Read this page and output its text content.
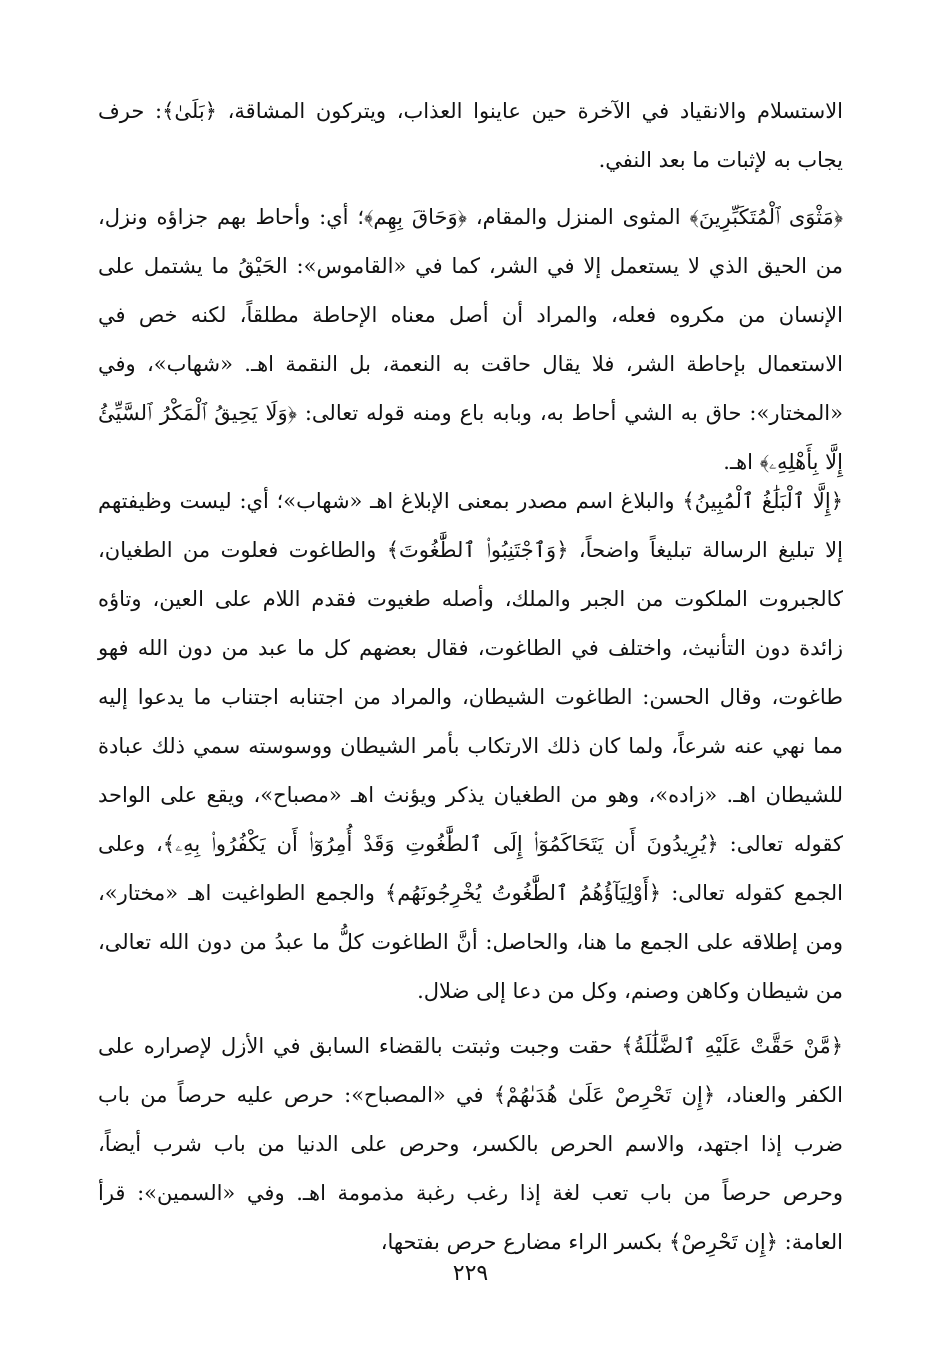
الاستسلام والانقياد في الآخرة حين عاينوا العذاب، ويتركون المشاقة، ﴿بَلَىٰ﴾: حرف يجاب به لإثبات ما بعد النفي.

﴿مَثْوَى ٱلْمُتَكَبِّرِينَ﴾ المثوى المنزل والمقام، ﴿وَحَاقَ بِهِم﴾؛ أي: وأحاط بهم جزاؤه ونزل، من الحيق الذي لا يستعمل إلا في الشر، كما في «القاموس»: الحَيْقُ ما يشتمل على الإنسان من مكروه فعله، والمراد أن أصل معناه الإحاطة مطلقاً، لكنه خص في الاستعمال بإحاطة الشر، فلا يقال حاقت به النعمة، بل النقمة اهـ. «شهاب»، وفي «المختار»: حاق به الشي أحاط به، وبابه باع ومنه قوله تعالى: ﴿وَلَا يَحِيقُ ٱلْمَكْرُ ٱلسَّيِّئُ إِلَّا بِأَهْلِهِۦ﴾ اهـ.

﴿إِلَّا ٱلْبَلَٰغُ ٱلْمُبِينُ﴾ والبلاغ اسم مصدر بمعنى الإبلاغ اهـ «شهاب»؛ أي: ليست وظيفتهم إلا تبليغ الرسالة تبليغاً واضحاً، ﴿وَٱجْتَنِبُوا۟ ٱلطَّٰغُوتَ﴾ والطاغوت فعلوت من الطغيان، كالجبروت الملكوت من الجبر والملك، وأصله طغيوت فقدم اللام على العين، وتاؤه زائدة دون التأنيث، واختلف في الطاغوت، فقال بعضهم كل ما عبد من دون الله فهو طاغوت، وقال الحسن: الطاغوت الشيطان، والمراد من اجتنابه اجتناب ما يدعوا إليه مما نهي عنه شرعاً، ولما كان ذلك الارتكاب بأمر الشيطان ووسوسته سمي ذلك عبادة للشيطان اهـ. «زاده»، وهو من الطغيان يذكر ويؤنث اهـ «مصباح»، ويقع على الواحد كقوله تعالى: ﴿يُرِيدُونَ أَن يَتَحَاكَمُوٓا۟ إِلَى ٱلطَّٰغُوتِ وَقَدْ أُمِرُوٓا۟ أَن يَكْفُرُوا۟ بِهِۦ﴾، وعلى الجمع كقوله تعالى: ﴿أَوْلِيَآؤُهُمُ ٱلطَّٰغُوتُ يُخْرِجُونَهُم﴾ والجمع الطواغيت اهـ «مختار»، ومن إطلاقه على الجمع ما هنا، والحاصل: أنَّ الطاغوت كلُّ ما عبدُ من دون الله تعالى، من شيطان وكاهن وصنم، وكل من دعا إلى ضلال.

﴿مَّنْ حَقَّتْ عَلَيْهِ ٱلضَّلَٰلَةُ﴾ حقت وجبت وثبتت بالقضاء السابق في الأزل لإصراره على الكفر والعناد، ﴿إِن تَحْرِصْ عَلَىٰ هُدَىٰهُمْ﴾ في «المصباح»: حرص عليه حرصاً من باب ضرب إذا اجتهد، والاسم الحرص بالكسر، وحرص على الدنيا من باب شرب أيضاً، وحرص حرصاً من باب تعب لغة إذا رغب رغبة مذمومة اهـ. وفي «السمين»: قرأ العامة: ﴿إِن تَحْرِصْ﴾ بكسر الراء مضارع حرص بفتحها،

٢٢٩
